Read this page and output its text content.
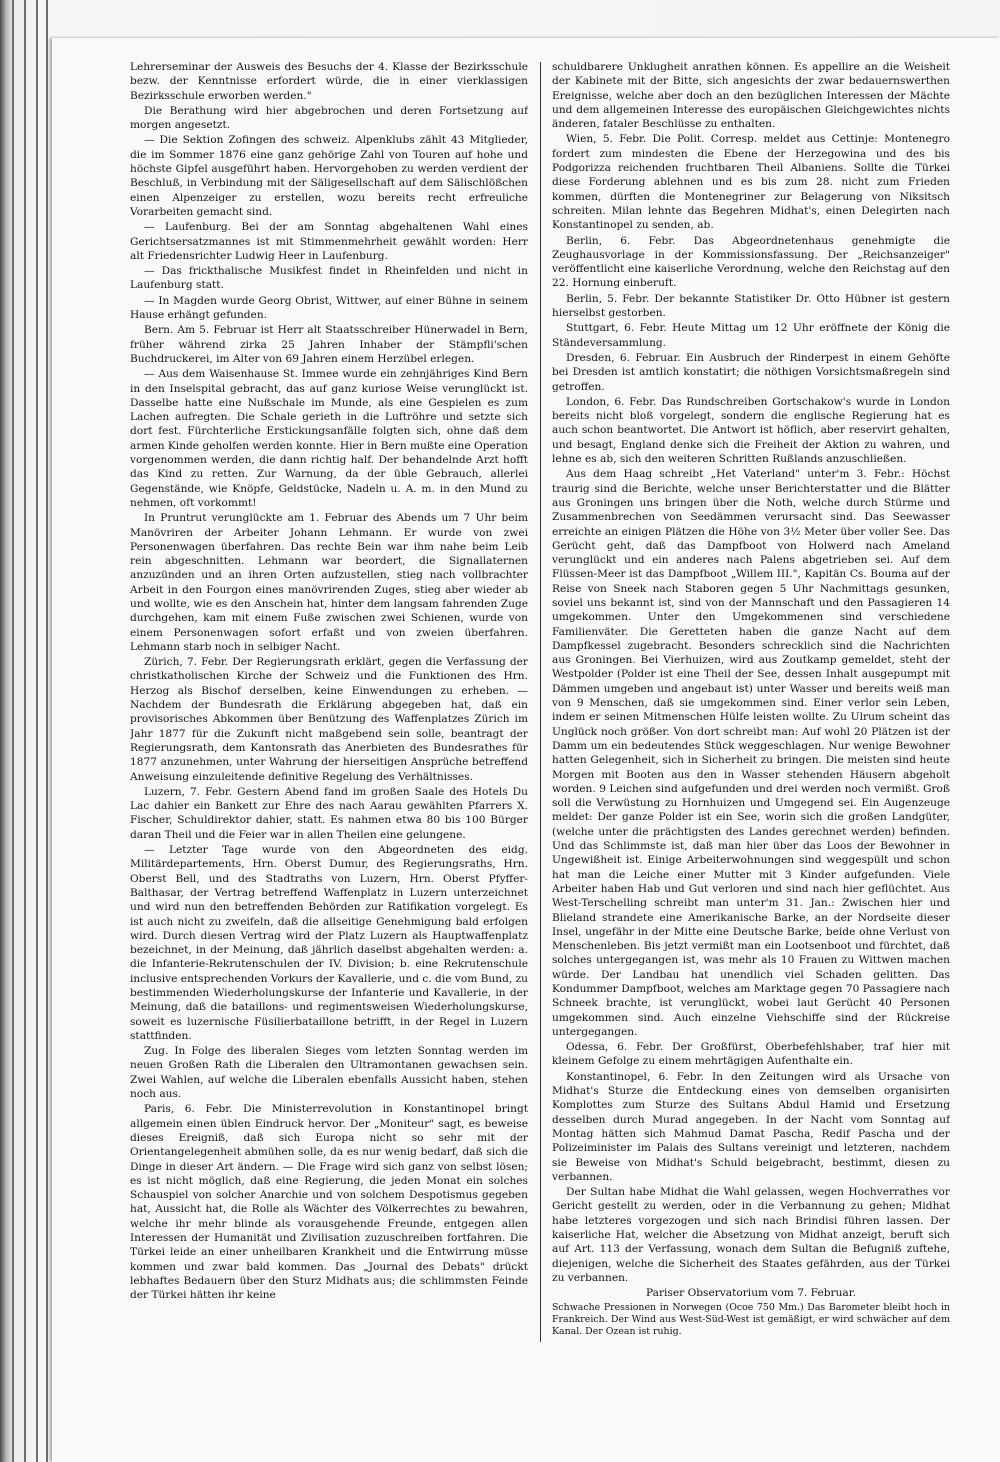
Lehrerseminar der Ausweis des Besuchs der 4. Klasse der Bezirksschule bezw. der Kenntnisse erfordert würde, die in einer vierklassigen Bezirksschule erworben werden."

Die Berathung wird hier abgebrochen und deren Fortsetzung auf morgen angesetzt.

— Die Sektion Zofingen des schweiz. Alpenklubs zählt 43 Mitglieder, die im Sommer 1876 eine ganz gehörige Zahl von Touren auf hohe und höchste Gipfel ausgeführt haben. Hervorgehoben zu werden verdient der Beschluß, in Verbindung mit der Säligesellschaft auf dem Sälischlößchen einen Alpenzeiger zu erstellen, wozu bereits recht erfreuliche Vorarbeiten gemacht sind.

— Laufenburg. Bei der am Sonntag abgehaltenen Wahl eines Gerichtsersatzmannes ist mit Stimmenmehrheit gewählt worden: Herr alt Friedensrichter Ludwig Heer in Laufenburg.

— Das frickthalische Musikfest findet in Rheinfelden und nicht in Laufenburg statt.

— In Magden wurde Georg Obrist, Wittwer, auf einer Bühne in seinem Hause erhängt gefunden.

Bern. Am 5. Februar ist Herr alt Staatsschreiber Hünerwadel in Bern, früher während zirka 25 Jahren Inhaber der Stämpfli'schen Buchdruckerei, im Alter von 69 Jahren einem Herzübel erlegen.

— Aus dem Waisenhause St. Immee wurde ein zehnjähriges Kind Bern in den Inselspital gebracht, das auf ganz kuriose Weise verunglückt ist. Dasselbe hatte eine Nußschale im Munde, als eine Gespielen es zum Lachen aufregten. Die Schale gerieth in die Luftröhre und setzte sich dort fest. Fürchterliche Erstickungsanfälle folgten sich, ohne daß dem armen Kinde geholfen werden konnte. Hier in Bern mußte eine Operation vorgenommen werden, die dann richtig half. Der behandelnde Arzt hofft das Kind zu retten. Zur Warnung, da der üble Gebrauch, allerlei Gegenstände, wie Knöpfe, Geldstücke, Nadeln u. A. m. in den Mund zu nehmen, oft vorkommt!

In Pruntrut verunglückte am 1. Februar des Abends um 7 Uhr beim Manövriren der Arbeiter Johann Lehmann. Er wurde von zwei Personenwagen überfahren. Das rechte Bein war ihm nahe beim Leib rein abgeschnitten. Lehmann war beordert, die Signallaternen anzuzünden und an ihren Orten aufzustellen, stieg nach vollbrachter Arbeit in den Fourgon eines manövrirenden Zuges, stieg aber wieder ab und wollte, wie es den Anschein hat, hinter dem langsam fahrenden Zuge durchgehen, kam mit einem Fuße zwischen zwei Schienen, wurde von einem Personenwagen sofort erfaßt und von zweien überfahren. Lehmann starb noch in selbiger Nacht.

Zürich, 7. Febr. Der Regierungsrath erklärt, gegen die Verfassung der christkatholischen Kirche der Schweiz und die Funktionen des Hrn. Herzog als Bischof derselben, keine Einwendungen zu erheben. — Nachdem der Bundesrath die Erklärung abgegeben hat, daß ein provisorisches Abkommen über Benützung des Waffenplatzes Zürich im Jahr 1877 für die Zukunft nicht maßgebend sein solle, beantragt der Regierungsrath, dem Kantonsrath das Anerbieten des Bundesrathes für 1877 anzunehmen, unter Wahrung der hierseitigen Ansprüche betreffend Anweisung einzuleitende definitive Regelung des Verhältnisses.

Luzern, 7. Febr. Gestern Abend fand im großen Saale des Hotels Du Lac dahier ein Bankett zur Ehre des nach Aarau gewählten Pfarrers X. Fischer, Schuldirektor dahier, statt. Es nahmen etwa 80 bis 100 Bürger daran Theil und die Feier war in allen Theilen eine gelungene.

— Letzter Tage wurde von den Abgeordneten des eidg. Militärdepartements, Hrn. Oberst Dumur, des Regierungsraths, Hrn. Oberst Bell, und des Stadtraths von Luzern, Hrn. Oberst Pfyffer-Balthasar, der Vertrag betreffend Waffenplatz in Luzern unterzeichnet und wird nun den betreffenden Behörden zur Ratifikation vorgelegt. Es ist auch nicht zu zweifeln, daß die allseitige Genehmigung bald erfolgen wird. Durch diesen Vertrag wird der Platz Luzern als Hauptwaffenplatz bezeichnet, in der Meinung, daß jährlich daselbst abgehalten werden: a. die Infanterie-Rekrutenschulen der IV. Division; b. eine Rekrutenschule inclusive entsprechenden Vorkurs der Kavallerie, und c. die vom Bund, zu bestimmenden Wiederholungskurse der Infanterie und Kavallerie, in der Meinung, daß die bataillons- und regimentsweisen Wiederholungskurse, soweit es luzernische Füsilierbataillone betrifft, in der Regel in Luzern stattfinden.

Zug. In Folge des liberalen Sieges vom letzten Sonntag werden im neuen Großen Rath die Liberalen den Ultramontanen gewachsen sein. Zwei Wahlen, auf welche die Liberalen ebenfalls Aussicht haben, stehen noch aus.

Paris, 6. Febr. Die Ministerrevolution in Konstantinopel bringt allgemein einen üblen Eindruck hervor. Der „Moniteur" sagt, es beweise dieses Ereigniß, daß sich Europa nicht so sehr mit der Orientangelegenheit abmühen solle, da es nur wenig bedarf, daß sich die Dinge in dieser Art ändern. — Die Frage wird sich ganz von selbst lösen; es ist nicht möglich, daß eine Regierung, die jeden Monat ein solches Schauspiel von solcher Anarchie und von solchem Despotismus gegeben hat, Aussicht hat, die Rolle als Wächter des Völkerrechtes zu bewahren, welche ihr mehr blinde als vorausgehende Freunde, entgegen allen Interessen der Humanität und Zivilisation zuzuschreiben fortfahren. Die Türkei leide an einer unheilbaren Krankheit und die Entwirrung müsse kommen und zwar bald kommen. Das „Journal des Debats" drückt lebhaftes Bedauern über den Sturz Midhats aus; die schlimmsten Feinde der Türkei hätten ihr keine

schuldbarere Unklugheit anrathen können. Es appellire an die Weisheit der Kabinete mit der Bitte, sich angesichts der zwar bedauernswerthen Ereignisse, welche aber doch an den bezüglichen Interessen der Mächte und dem allgemeinen Interesse des europäischen Gleichgewichtes nichts änderen, fataler Beschlüsse zu enthalten.

Wien, 5. Febr. Die Polit. Corresp. meldet aus Cettinje: Montenegro fordert zum mindesten die Ebene der Herzegowina und des bis Podgorizza reichenden fruchtbaren Theil Albaniens. Sollte die Türkei diese Forderung ablehnen und es bis zum 28. nicht zum Frieden kommen, dürften die Montenegriner zur Belagerung von Niksitsch schreiten. Milan lehnte das Begehren Midhat's, einen Delegirten nach Konstantinopel zu senden, ab.

Berlin, 6. Febr. Das Abgeordnetenhaus genehmigte die Zeughausvorlage in der Kommissionsfassung. Der „Reichsanzeiger" veröffentlicht eine kaiserliche Verordnung, welche den Reichstag auf den 22. Hornung einberuft.

Berlin, 5. Febr. Der bekannte Statistiker Dr. Otto Hübner ist gestern hierselbst gestorben.

Stuttgart, 6. Febr. Heute Mittag um 12 Uhr eröffnete der König die Ständeversammlung.

Dresden, 6. Februar. Ein Ausbruch der Rinderpest in einem Gehöfte bei Dresden ist amtlich konstatirt; die nöthigen Vorsichtsmaßregeln sind getroffen.

London, 6. Febr. Das Rundschreiben Gortschakow's wurde in London bereits nicht bloß vorgelegt, sondern die englische Regierung hat es auch schon beantwortet. Die Antwort ist höflich, aber reservirt gehalten, und besagt, England denke sich die Freiheit der Aktion zu wahren, und lehne es ab, sich den weiteren Schritten Rußlands anzuschließen.

Aus dem Haag schreibt „Het Vaterland" unter'm 3. Febr.: Höchst traurig sind die Berichte, welche unser Berichterstatter und die Blätter aus Groningen uns bringen über die Noth, welche durch Stürme und Zusammenbrechen von Seedämmen verursacht sind. Das Seewasser erreichte an einigen Plätzen die Höhe von 3½ Meter über voller See. Das Gerücht geht, daß das Dampfboot von Holwerd nach Ameland verunglückt und ein anderes nach Palens abgetrieben sei. Auf dem Flüssen-Meer ist das Dampfboot „Willem III.", Kapitän Cs. Bouma auf der Reise von Sneek nach Staboren gegen 5 Uhr Nachmittags gesunken, soviel uns bekannt ist, sind von der Mannschaft und den Passagieren 14 umgekommen. Unter den Umgekommenen sind verschiedene Familienväter. Die Geretteten haben die ganze Nacht auf dem Dampfkessel zugebracht. Besonders schrecklich sind die Nachrichten aus Groningen. Bei Vierhuizen, wird aus Zoutkamp gemeldet, steht der Westpolder (Polder ist eine Theil der See, dessen Inhalt ausgepumpt mit Dämmen umgeben und angebaut ist) unter Wasser und bereits weiß man von 9 Menschen, daß sie umgekommen sind. Einer verlor sein Leben, indem er seinen Mitmenschen Hülfe leisten wollte. Zu Ulrum scheint das Unglück noch größer. Von dort schreibt man: Auf wohl 20 Plätzen ist der Damm um ein bedeutendes Stück weggeschlagen. Nur wenige Bewohner hatten Gelegenheit, sich in Sicherheit zu bringen. Die meisten sind heute Morgen mit Booten aus den in Wasser stehenden Häusern abgeholt worden. 9 Leichen sind aufgefunden und drei werden noch vermißt. Groß soll die Verwüstung zu Hornhuizen und Umgegend sei. Ein Augenzeuge meldet: Der ganze Polder ist ein See, worin sich die großen Landgüter, (welche unter die prächtigsten des Landes gerechnet werden) befinden. Und das Schlimmste ist, daß man hier über das Loos der Bewohner in Ungewißheit ist. Einige Arbeiterwohnungen sind weggespült und schon hat man die Leiche einer Mutter mit 3 Kinder aufgefunden. Viele Arbeiter haben Hab und Gut verloren und sind nach hier geflüchtet. Aus West-Terschelling schreibt man unter'm 31. Jan.: Zwischen hier und Blieland strandete eine Amerikanische Barke, an der Nordseite dieser Insel, ungefähr in der Mitte eine Deutsche Barke, beide ohne Verlust von Menschenleben. Bis jetzt vermißt man ein Lootsenboot und fürchtet, daß solches untergegangen ist, was mehr als 10 Frauen zu Wittwen machen würde. Der Landbau hat unendlich viel Schaden gelitten. Das Kondummer Dampfboot, welches am Marktage gegen 70 Passagiere nach Schneek brachte, ist verunglückt, wobei laut Gerücht 40 Personen umgekommen sind. Auch einzelne Viehschiffe sind der Rückreise untergegangen.

Odessa, 6. Febr. Der Großfürst, Oberbefehlshaber, traf hier mit kleinem Gefolge zu einem mehrtägigen Aufenthalte ein.

Konstantinopel, 6. Febr. In den Zeitungen wird als Ursache von Midhat's Sturze die Entdeckung eines von demselben organisirten Komplottes zum Sturze des Sultans Abdul Hamid und Ersetzung desselben durch Murad angegeben. In der Nacht vom Sonntag auf Montag hätten sich Mahmud Damat Pascha, Redif Pascha und der Polizeiminister im Palais des Sultans vereinigt und letzteren, nachdem sie Beweise von Midhat's Schuld beigebracht, bestimmt, diesen zu verbannen.

Der Sultan habe Midhat die Wahl gelassen, wegen Hochverrathes vor Gericht gestellt zu werden, oder in die Verbannung zu gehen; Midhat habe letzteres vorgezogen und sich nach Brindisi führen lassen. Der kaiserliche Hat, welcher die Absetzung von Midhat anzeigt, beruft sich auf Art. 113 der Verfassung, wonach dem Sultan die Befugniß zuftehe, diejenigen, welche die Sicherheit des Staates gefährden, aus der Türkei zu verbannen.

Pariser Observatorium vom 7. Februar.

Schwache Pressionen in Norwegen (Ocoe 750 Mm.) Das Barometer bleibt hoch in Frankreich. Der Wind aus West-Süd-West ist gemäßigt, er wird schwächer auf dem Kanal. Der Ozean ist ruhig.
